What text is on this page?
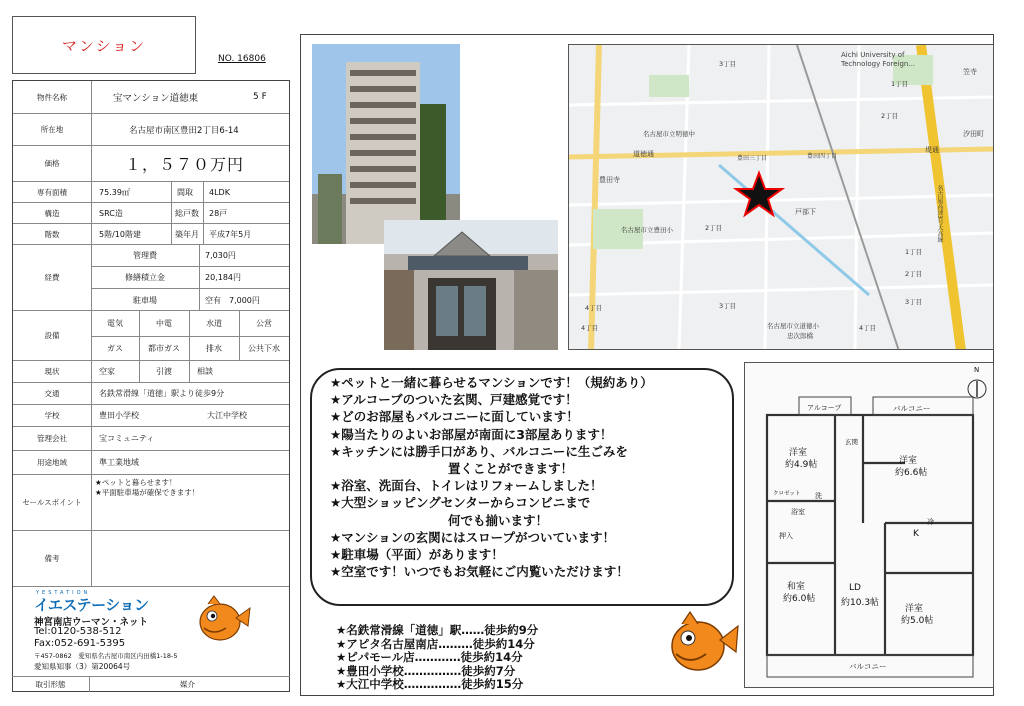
マンション
NO. 16806
物件名称	宝マンション道徳東	5 F
所在地	名古屋市南区豊田2丁目6-14
価格	１，５７０万円
専有面積	75.39㎡	間取	4LDK
構造	SRC造	総戸数 28戸
階数	5階/10階建	築年月 平成7年5月
経費
管理費	7,030円
修繕積立金	20,184円
駐車場	空有　7,000円
設備
電気	中電	水道	公営
ガス	都市ガス	排水	公共下水
現状	空家	引渡	相談
交通	名鉄常滑線「道徳」駅より徒歩9分
学校	豊田小学校	大江中学校
管理会社	宝コミュニティ
用途地域	準工業地域
セールスポイント
★ペットと暮らせます！
★平面駐車場が確保できます！
備考
YESTATION
イエステーション
神宮南店ウーマン・ネット
Tel:0120-538-512
Fax:052-691-5395
〒457-0862　愛知県名古屋市南区内田橋1-18-5
愛知県知事（3）第20064号
取引形態	媒介
Aichi University of Technology Foreign...
名古屋市立明徳中
道徳通
豊田寺
名古屋市立豊田小
戸部下
忠次郎橋
名古屋市立道徳小
豊田三丁目	豊田四丁目
堤通
笠寺
汐田町
名古屋高速3号大高線
1丁目
2丁目
3丁目
4丁目
3丁目
4丁目
2丁目
1丁目
2丁目
3丁目
4丁目
★ペットと一緒に暮らせるマンションです！（規約あり）
★アルコーブのついた玄関、戸建感覚です！
★どのお部屋もバルコニーに面しています！
★陽当たりのよいお部屋が南面に3部屋あります！
★キッチンには勝手口があり、バルコニーに生ごみを
置くことができます！
★浴室、洗面台、トイレはリフォームしました！
★大型ショッピングセンターからコンビニまで
何でも揃います！
★マンションの玄関にはスロープがついています！
★駐車場（平面）があります！
★空室です！いつでもお気軽にご内覧いただけます！
★名鉄常滑線「道徳」駅……徒歩約9分
★アピタ名古屋南店………徒歩約14分
★ピパモール店…………徒歩約14分
★豊田小学校……………徒歩約7分
★大江中学校……………徒歩約15分
洋室
約4.9帖	洋室
約6.6帖
和室
約6.0帖
LD
約10.3帖
洋室
約5.0帖
アルコーブ	バルコニー
バルコニー
玄関
浴室
洗
K
押入
クロゼット
冷
N
